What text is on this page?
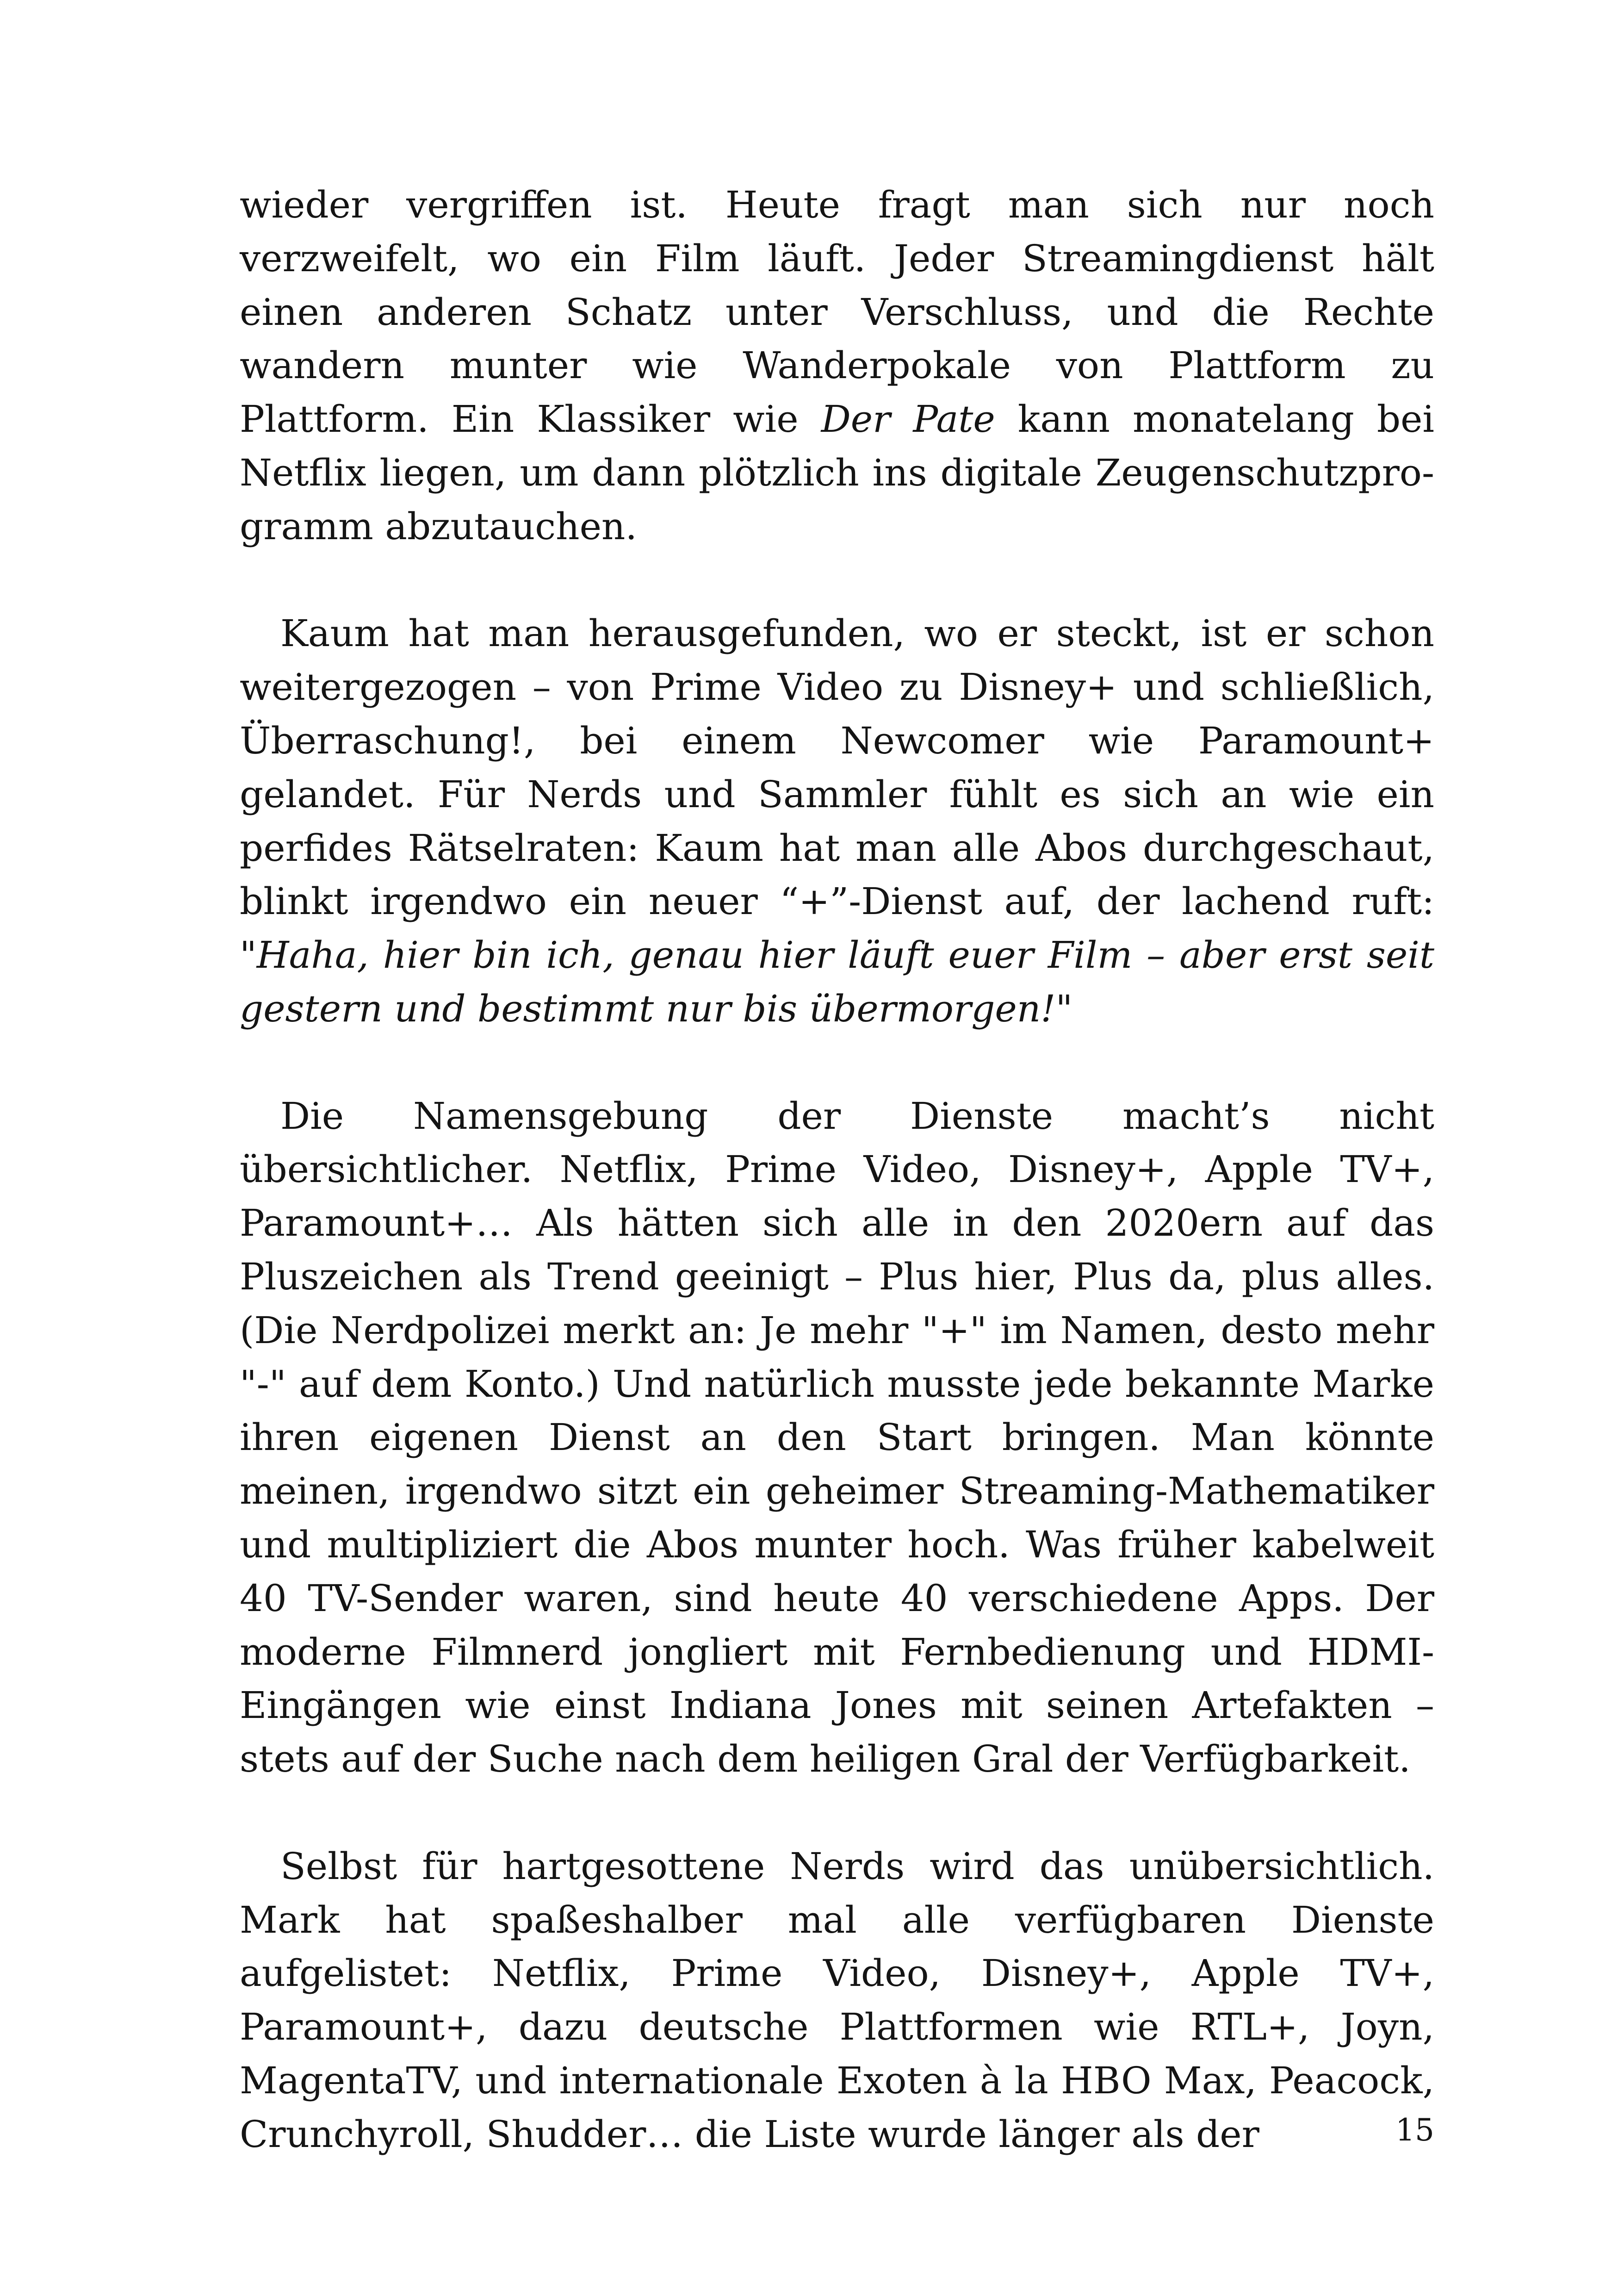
wieder vergriffen ist. Heute fragt man sich nur noch verzweifelt, wo ein Film läuft. Jeder Streamingdienst hält einen anderen Schatz unter Verschluss, und die Rechte wandern munter wie Wanderpokale von Plattform zu Plattform. Ein Klassiker wie Der Pate kann monatelang bei Netflix liegen, um dann plötzlich ins digitale Zeugenschutzprogramm abzutauchen.

Kaum hat man herausgefunden, wo er steckt, ist er schon weitergezogen – von Prime Video zu Disney+ und schließlich, Überraschung!, bei einem Newcomer wie Paramount+ gelandet. Für Nerds und Sammler fühlt es sich an wie ein perfides Rätselraten: Kaum hat man alle Abos durchgeschaut, blinkt irgendwo ein neuer “+”-Dienst auf, der lachend ruft: "Haha, hier bin ich, genau hier läuft euer Film – aber erst seit gestern und bestimmt nur bis übermorgen!"

Die Namensgebung der Dienste macht’s nicht übersichtlicher. Netflix, Prime Video, Disney+, Apple TV+, Paramount+… Als hätten sich alle in den 2020ern auf das Pluszeichen als Trend geeinigt – Plus hier, Plus da, plus alles. (Die Nerdpolizei merkt an: Je mehr "+" im Namen, desto mehr "-" auf dem Konto.) Und natürlich musste jede bekannte Marke ihren eigenen Dienst an den Start bringen. Man könnte meinen, irgendwo sitzt ein geheimer Streaming-Mathematiker und multipliziert die Abos munter hoch. Was früher kabelweit 40 TV-Sender waren, sind heute 40 verschiedene Apps. Der moderne Filmnerd jongliert mit Fernbedienung und HDMI-Eingängen wie einst Indiana Jones mit seinen Artefakten – stets auf der Suche nach dem heiligen Gral der Verfügbarkeit.

Selbst für hartgesottene Nerds wird das unübersichtlich. Mark hat spaßeshalber mal alle verfügbaren Dienste aufgelistet: Netflix, Prime Video, Disney+, Apple TV+, Paramount+, dazu deutsche Plattformen wie RTL+, Joyn, MagentaTV, und internationale Exoten à la HBO Max, Peacock, Crunchyroll, Shudder… die Liste wurde länger als der	15
